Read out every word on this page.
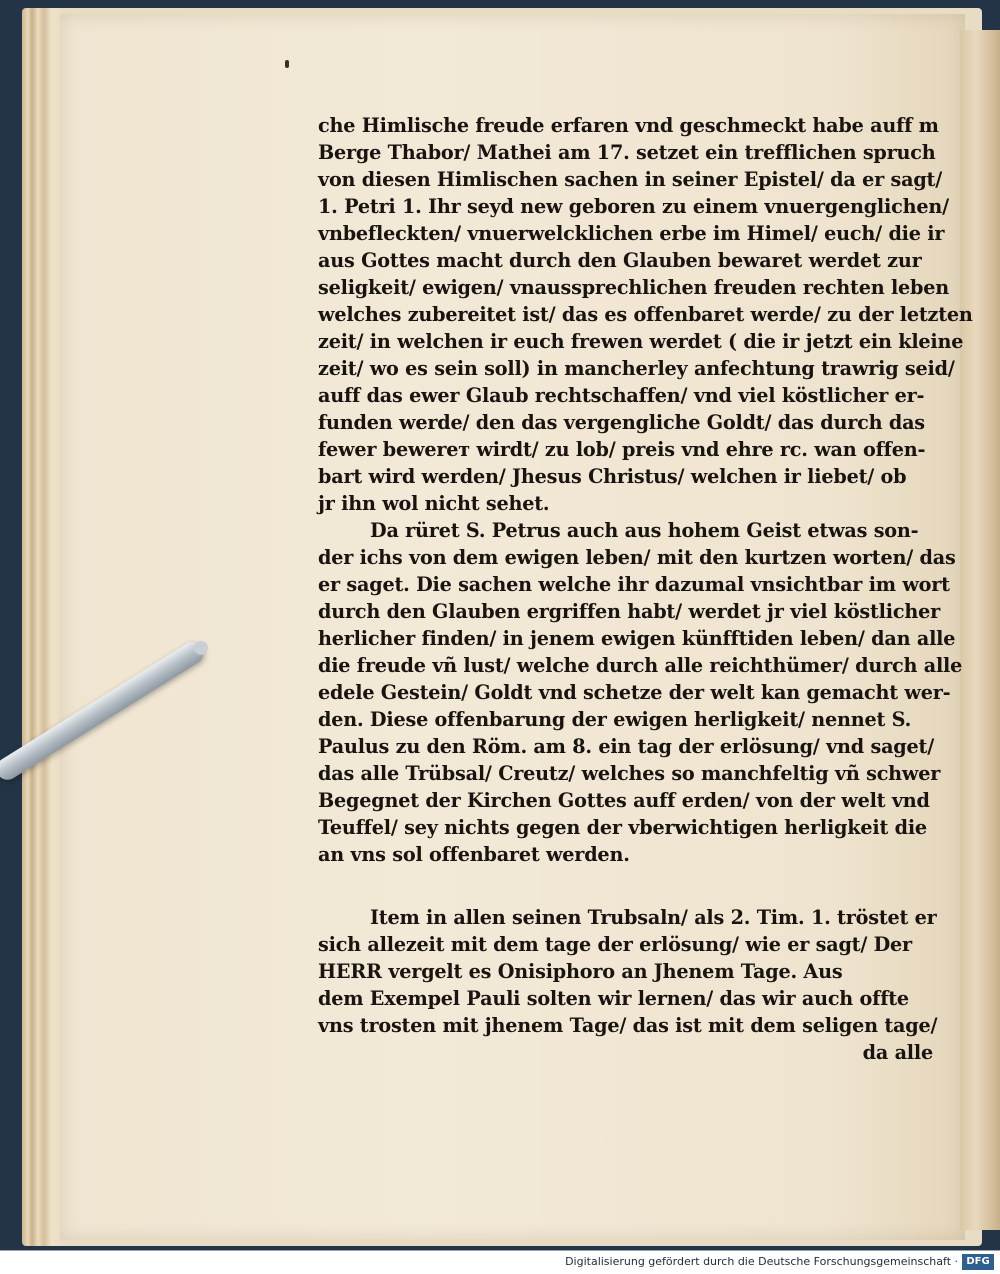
che Himlische freude erfaren vnd geschmeckt habe auff m
Berge Thabor/ Mathei am 17. setzet ein trefflichen spruch
von diesen Himlischen sachen in seiner Epistel/ da er sagt/
1. Petri 1. Ihr seyd new geboren zu einem vnuergenglichen/
vnbefleckten/ vnuerwelcklichen erbe im Himel/ euch/ die ir
aus Gottes macht durch den Glauben bewaret werdet zur
seligkeit/ ewigen/ vnaussprechlichen freuden rechten leben
welches zubereitet ist/ das es offenbaret werde/ zu der letzten
zeit/ in welchen ir euch frewen werdet ( die ir jetzt ein kleine
zeit/ wo es sein soll) in mancherley anfechtung trawrig seid/
auff das ewer Glaub rechtschaffen/ vnd viel köstlicher er-
funden werde/ den das vergengliche Goldt/ das durch das
fewer bewerет wirdt/ zu lob/ preis vnd ehre rc. wan offen-
bart wird werden/ Jhesus Christus/ welchen ir liebet/ ob
jr ihn wol nicht sehet.
Da rüret S. Petrus auch aus hohem Geist etwas son-
der ichs von dem ewigen leben/ mit den kurtzen worten/ das
er saget. Die sachen welche ihr dazumal vnsichtbar im wort
durch den Glauben ergriffen habt/ werdet jr viel köstlicher
herlicher finden/ in jenem ewigen künfftiden leben/ dan alle
die freude vñ lust/ welche durch alle reichthümer/ durch alle
edele Gestein/ Goldt vnd schetze der welt kan gemacht wer-
den. Diese offenbarung der ewigen herligkeit/ nennet S.
Paulus zu den Röm. am 8. ein tag der erlösung/ vnd saget/
das alle Trübsal/ Creutz/ welches so manchfeltig vñ schwer
Begegnet der Kirchen Gottes auff erden/ von der welt vnd
Teuffel/ sey nichts gegen der vberwichtigen herligkeit die
an vns sol offenbaret werden.
Item in allen seinen Trubsaln/ als 2. Tim. 1. tröstet er
sich allezeit mit dem tage der erlösung/ wie er sagt/ Der
HERR vergelt es Onisiphoro an Jhenem Tage. Aus
dem Exempel Pauli solten wir lernen/ das wir auch offte
vns trosten mit jhenem Tage/ das ist mit dem seligen tage/
da alle
Digitalisierung gefördert durch die Deutsche Forschungsgemeinschaft · DFG
